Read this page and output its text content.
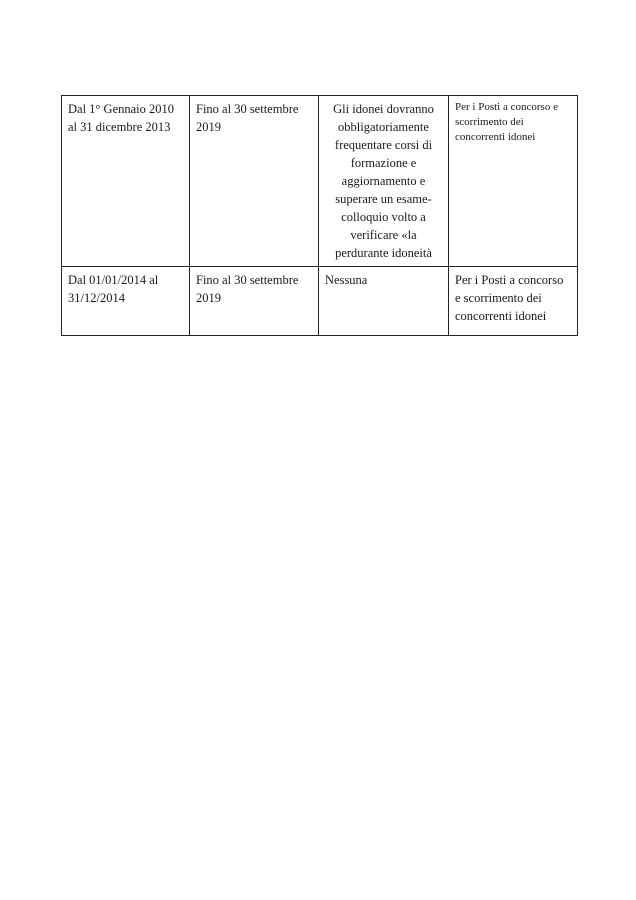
Dal 1° Gennaio 2010 al 31 dicembre 2013	Fino al 30 settembre 2019	Gli idonei dovranno obbligatoriamente frequentare corsi di formazione e aggiornamento e superare un esame-colloquio volto a verificare «la perdurante idoneità	Per i Posti a concorso e scorrimento dei concorrenti idonei
Dal 01/01/2014 al 31/12/2014	Fino al 30 settembre 2019	Nessuna	Per i Posti a concorso e scorrimento dei concorrenti idonei
